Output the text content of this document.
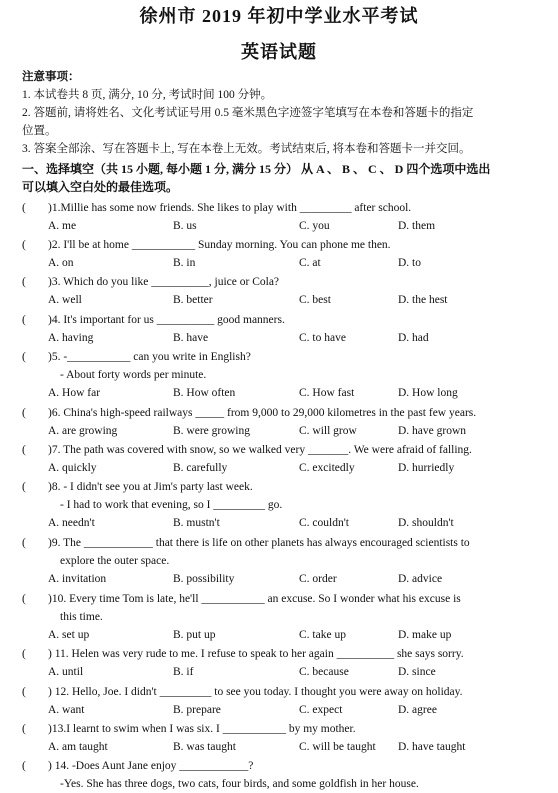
徐州市 2019 年初中学业水平考试
英语试题
注意事项：
1. 本试卷共 8 页, 满分, 10 分, 考试时间 100 分钟。
2. 答题前, 请将姓名、文化考试证号用 0.5 毫米黑色字迹签字笔填写在本卷和答题卡的指定
位置。
3. 答案全部涂、写在答题卡上, 写在本卷上无效。考试结束后, 将本卷和答题卡一并交回。
一、选择填空（共 15 小题, 每小题 1 分, 满分 15 分） 从 A 、 B 、 C 、 D 四个选项中选出
可以填入空白处的最佳选项。
( )1.Millie has some now friends. She likes to play with _________ after school.
A. me	B. us	C. you	D. them
( )2. I'll be at home ___________ Sunday morning. You can phone me then.
A. on	B. in	C. at	D. to
( )3. Which do you like __________, juice or Cola?
A. well	B. better	C. best	D. the hest
( )4. It's important for us __________ good manners.
A. having	B. have	C. to have	D. had
( )5. -___________ can you write in English?
- About forty words per minute.
A. How far	B. How often	C. How fast	D. How long
( )6. China's high-speed railways _____ from 9,000 to 29,000 kilometres in the past few years.
A. are growing	B. were growing	C. will grow	D. have grown
( )7. The path was covered with snow, so we walked very _______. We were afraid of falling.
A. quickly	B. carefully	C. excitedly	D. hurriedly
( )8. - I didn't see you at Jim's party last week.
- I had to work that evening, so I _________ go.
A. needn't	B. mustn't	C. couldn't	D. shouldn't
( )9. The ____________ that there is life on other planets has always encouraged scientists to
explore the outer space.
A. invitation	B. possibility	C. order	D. advice
( )10. Every time Tom is late, he'll ___________ an excuse. So I wonder what his excuse is
this time.
A. set up	B. put up	C. take up	D. make up
( ) 11. Helen was very rude to me. I refuse to speak to her again __________ she says sorry.
A. until	B. if	C. because	D. since
( ) 12. Hello, Joe. I didn't _________ to see you today. I thought you were away on holiday.
A. want	B. prepare	C. expect	D. agree
( )13.I learnt to swim when I was six. I ___________ by my mother.
A. am taught	B. was taught	C. will be taught D. have taught
( ) 14. -Does Aunt Jane enjoy ____________?
-Yes. She has three dogs, two cats, four birds, and some goldfish in her house.
